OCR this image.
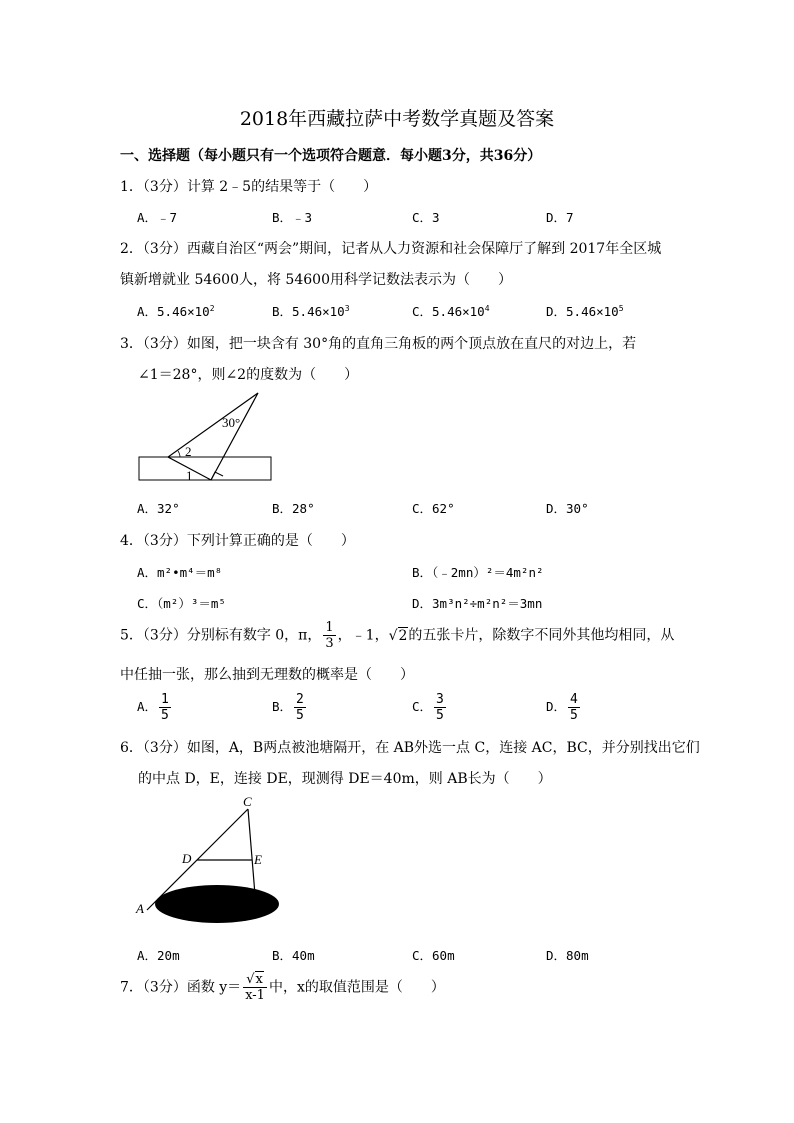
2018年西藏拉萨中考数学真题及答案
一、选择题（每小题只有一个选项符合题意．每小题3分，共36分）
1．（3分）计算 2﹣5的结果等于（　　）
A．﹣7	B．﹣3	C．3	D．7
2．（3分）西藏自治区“两会”期间，记者从人力资源和社会保障厅了解到 2017年全区城
镇新增就业 54600人，将 54600用科学记数法表示为（　　）
A．$5.46\times 10^2$	B．$5.46\times 10^3$	C．$5.46\times 10^4$	D．$5.46\times 10^5$
3．（3分）如图，把一块含有 30°角的直角三角板的两个顶点放在直尺的对边上，若
∠1＝28°，则∠2的度数为（　　）
30°
2
1
A．32°	B．28°	C．62°	D．30°
4．（3分）下列计算正确的是（　　）
A．m²•m⁴＝m⁸	B．（﹣2mn）²＝4m²n²
C．（m²）³＝m⁵	D．3m³n²÷m²n²＝3mn
5．（3分）分别标有数字 0，π， $\frac{1}{3}$ ，﹣1，√2的五张卡片，除数字不同外其他均相同，从
中任抽一张，那么抽到无理数的概率是（　　）
A． $\frac{1}{5}$	B． $\frac{2}{5}$	C． $\frac{3}{5}$	D． $\frac{4}{5}$
6．（3分）如图，A，B两点被池塘隔开，在 AB外选一点 C，连接 AC，BC，并分别找出它们
的中点 D，E，连接 DE，现测得 DE＝40m，则 AB长为（　　）
C
D	E
A	B
A．20m	B．40m	C．60m	D．80m
7．（3分）函数 $y= \frac{√x}{x-1}$ 中，x的取值范围是（　　）
